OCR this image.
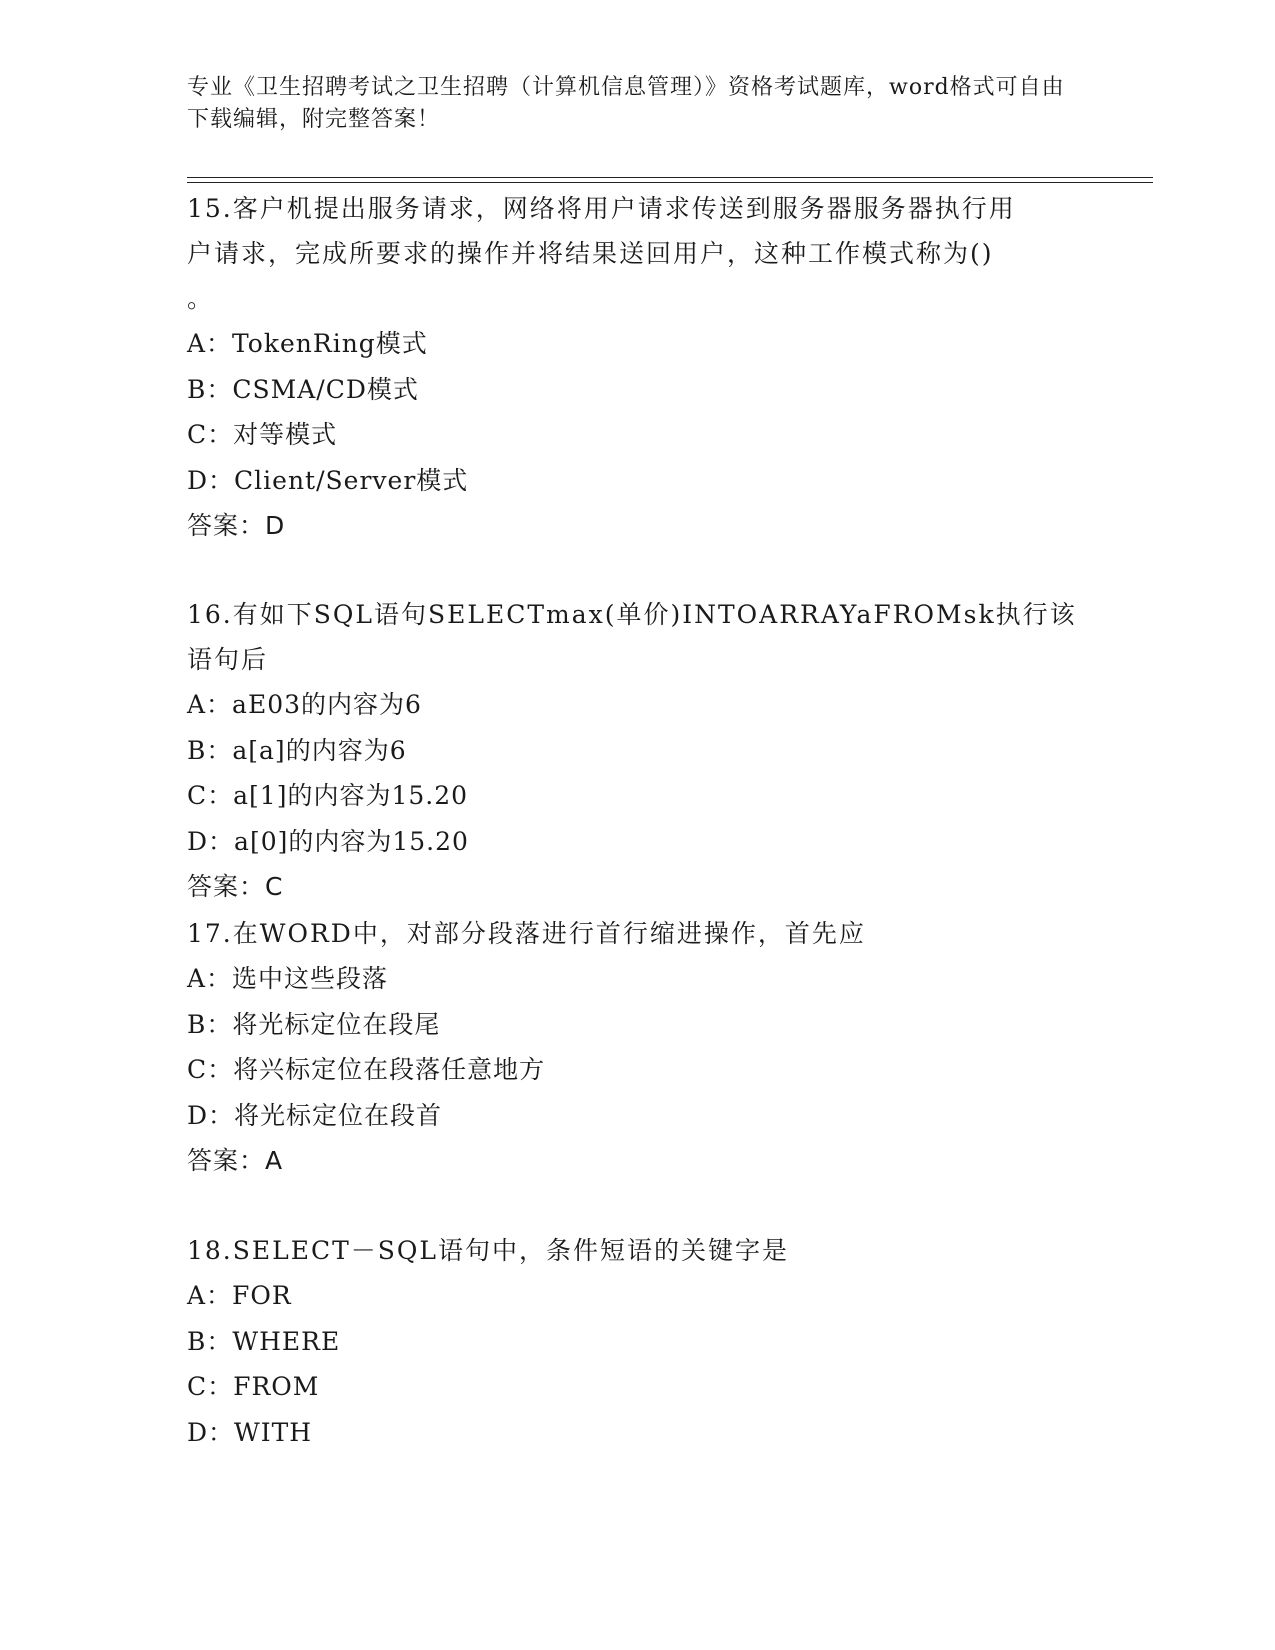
专业《卫生招聘考试之卫生招聘（计算机信息管理）》资格考试题库，word格式可自由下载编辑，附完整答案！

15.客户机提出服务请求，网络将用户请求传送到服务器服务器执行用

户请求，完成所要求的操作并将结果送回用户，这种工作模式称为()

。

A：TokenRing模式

B：CSMA/CD模式

C：对等模式

D：Client/Server模式

答案：D

16.有如下SQL语句SELECTmax(单价)INTOARRAYaFROMsk执行该语句后

A：aE03的内容为6

B：a[a]的内容为6

C：a[1]的内容为15.20

D：a[0]的内容为15.20

答案：C

17.在WORD中，对部分段落进行首行缩进操作，首先应

A：选中这些段落

B：将光标定位在段尾

C：将兴标定位在段落任意地方

D：将光标定位在段首

答案：A

18.SELECT－SQL语句中，条件短语的关键字是

A：FOR

B：WHERE

C：FROM

D：WITH
